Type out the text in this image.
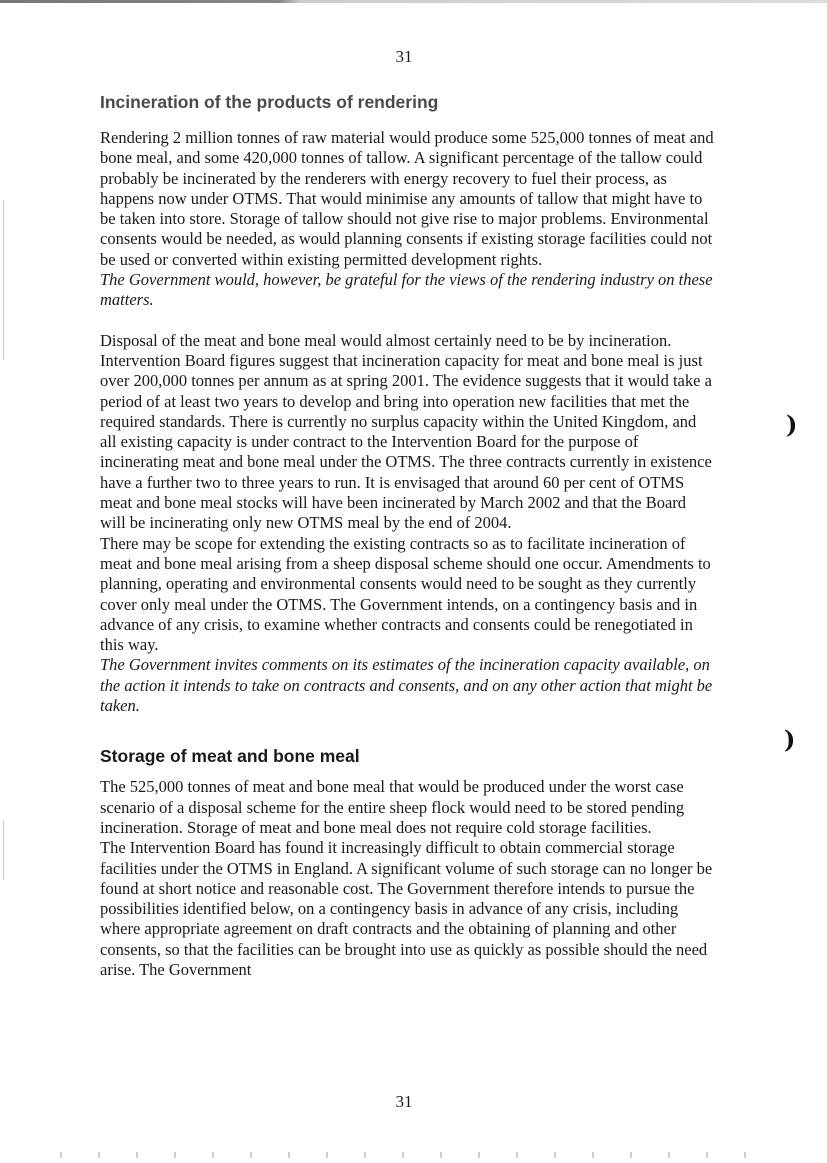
31
Incineration of the products of rendering

Rendering 2 million tonnes of raw material would produce some 525,000 tonnes of meat and bone meal, and some 420,000 tonnes of tallow. A significant percentage of the tallow could probably be incinerated by the renderers with energy recovery to fuel their process, as happens now under OTMS. That would minimise any amounts of tallow that might have to be taken into store. Storage of tallow should not give rise to major problems. Environmental consents would be needed, as would planning consents if existing storage facilities could not be used or converted within existing permitted development rights.

The Government would, however, be grateful for the views of the rendering industry on these matters.

Disposal of the meat and bone meal would almost certainly need to be by incineration. Intervention Board figures suggest that incineration capacity for meat and bone meal is just over 200,000 tonnes per annum as at spring 2001. The evidence suggests that it would take a period of at least two years to develop and bring into operation new facilities that met the required standards. There is currently no surplus capacity within the United Kingdom, and all existing capacity is under contract to the Intervention Board for the purpose of incinerating meat and bone meal under the OTMS. The three contracts currently in existence have a further two to three years to run. It is envisaged that around 60 per cent of OTMS meat and bone meal stocks will have been incinerated by March 2002 and that the Board will be incinerating only new OTMS meal by the end of 2004.

There may be scope for extending the existing contracts so as to facilitate incineration of meat and bone meal arising from a sheep disposal scheme should one occur. Amendments to planning, operating and environmental consents would need to be sought as they currently cover only meal under the OTMS. The Government intends, on a contingency basis and in advance of any crisis, to examine whether contracts and consents could be renegotiated in this way.

The Government invites comments on its estimates of the incineration capacity available, on the action it intends to take on contracts and consents, and on any other action that might be taken.

Storage of meat and bone meal

The 525,000 tonnes of meat and bone meal that would be produced under the worst case scenario of a disposal scheme for the entire sheep flock would need to be stored pending incineration. Storage of meat and bone meal does not require cold storage facilities.

The Intervention Board has found it increasingly difficult to obtain commercial storage facilities under the OTMS in England. A significant volume of such storage can no longer be found at short notice and reasonable cost. The Government therefore intends to pursue the possibilities identified below, on a contingency basis in advance of any crisis, including where appropriate agreement on draft contracts and the obtaining of planning and other consents, so that the facilities can be brought into use as quickly as possible should the need arise. The Government

)
)
31
